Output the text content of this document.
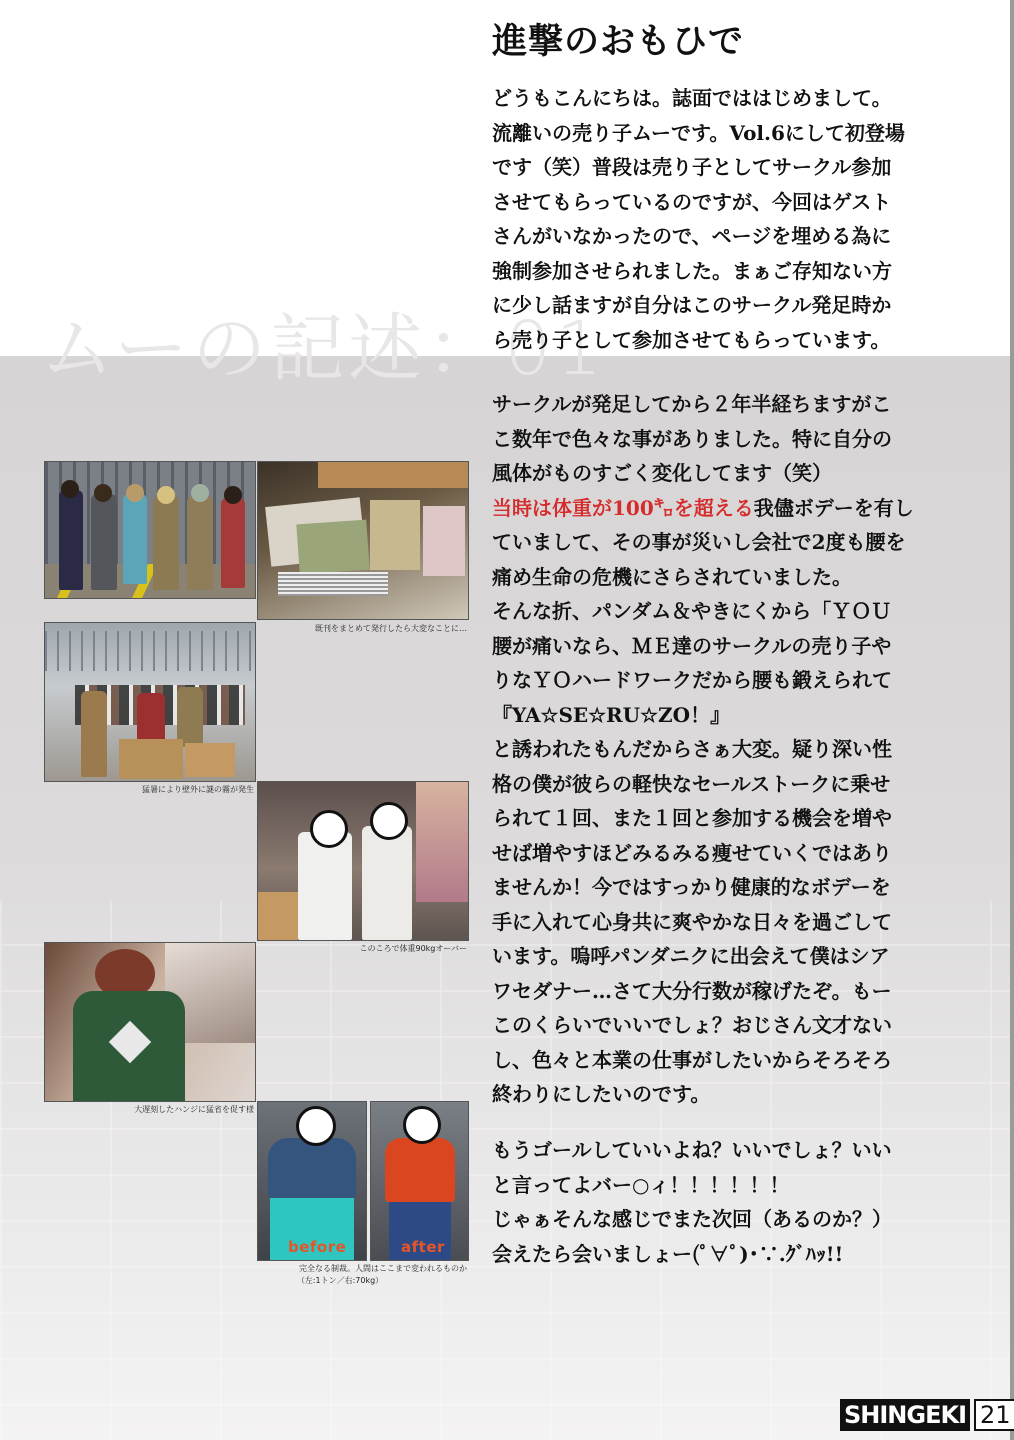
ムーの記述：01
進撃のおもひで
どうもこんにちは。誌面でははじめまして。
流離いの売り子ムーです。Vol.6にして初登場
です（笑）普段は売り子としてサークル参加
させてもらっているのですが、今回はゲスト
さんがいなかったので、ページを埋める為に
強制参加させられました。まぁご存知ない方
に少し話ますが自分はこのサークル発足時か
ら売り子として参加させてもらっています。
サークルが発足してから２年半経ちますがこ
こ数年で色々な事がありました。特に自分の
風体がものすごく変化してます（笑）
当時は体重が100㌔を超える我儘ボデーを有し
ていまして、その事が災いし会社で2度も腰を
痛め生命の危機にさらされていました。
そんな折、パンダム＆やきにくから「ＹＯＵ
腰が痛いなら、ＭＥ達のサークルの売り子や
りなＹＯハードワークだから腰も鍛えられて
『YA☆SE☆RU☆ZO！』
と誘われたもんだからさぁ大変。疑り深い性
格の僕が彼らの軽快なセールストークに乗せ
られて１回、また１回と参加する機会を増や
せば増やすほどみるみる痩せていくではあり
ませんか！今ではすっかり健康的なボデーを
手に入れて心身共に爽やかな日々を過ごして
います。嗚呼パンダニクに出会えて僕はシア
ワセダナー…さて大分行数が稼げたぞ。もー
このくらいでいいでしょ？おじさん文才ない
し、色々と本業の仕事がしたいからそろそろ
終わりにしたいのです。
もうゴールしていいよね？いいでしょ？いい
と言ってよバー○ィ！！！！！！
じゃぁそんな感じでまた次回（あるのか？）
会えたら会いましょー(ﾟ∀ﾟ)･∵.ｸﾞﾊｯ!!
既刊をまとめて発行したら大変なことに…
猛暑により壁外に謎の霧が発生
このころで体重90kgオーバー
大遅刻したハンジに猛省を促す様
before	after
完全なる制裁。人間はここまで変われるものか
（左:1トン／右:70kg）
SHINGEKI 21
